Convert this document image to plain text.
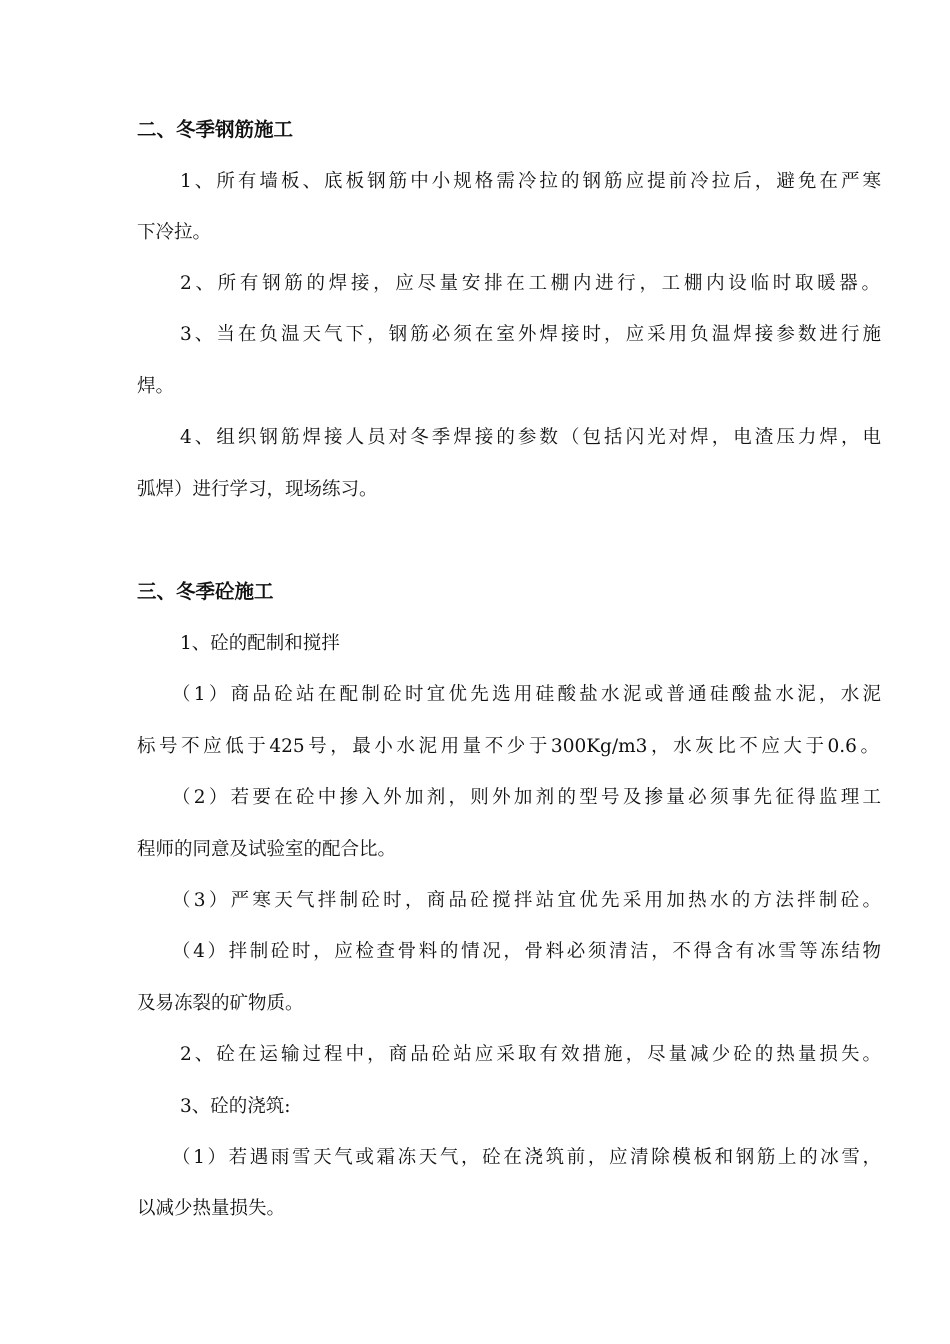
二、冬季钢筋施工
1、所有墙板、底板钢筋中小规格需冷拉的钢筋应提前冷拉后，避免在严寒
下冷拉。
2、所有钢筋的焊接，应尽量安排在工棚内进行，工棚内设临时取暖器。
3、当在负温天气下，钢筋必须在室外焊接时，应采用负温焊接参数进行施
焊。
4、组织钢筋焊接人员对冬季焊接的参数（包括闪光对焊，电渣压力焊，电
弧焊）进行学习，现场练习。
三、冬季砼施工
1、砼的配制和搅拌
（1）商品砼站在配制砼时宜优先选用硅酸盐水泥或普通硅酸盐水泥，水泥
标号不应低于425号，最小水泥用量不少于300Kg/m3，水灰比不应大于0.6。
（2）若要在砼中掺入外加剂，则外加剂的型号及掺量必须事先征得监理工
程师的同意及试验室的配合比。
（3）严寒天气拌制砼时，商品砼搅拌站宜优先采用加热水的方法拌制砼。
（4）拌制砼时，应检查骨料的情况，骨料必须清洁，不得含有冰雪等冻结物
及易冻裂的矿物质。
2、砼在运输过程中，商品砼站应采取有效措施，尽量减少砼的热量损失。
3、砼的浇筑:
（1）若遇雨雪天气或霜冻天气，砼在浇筑前，应清除模板和钢筋上的冰雪，
以减少热量损失。
